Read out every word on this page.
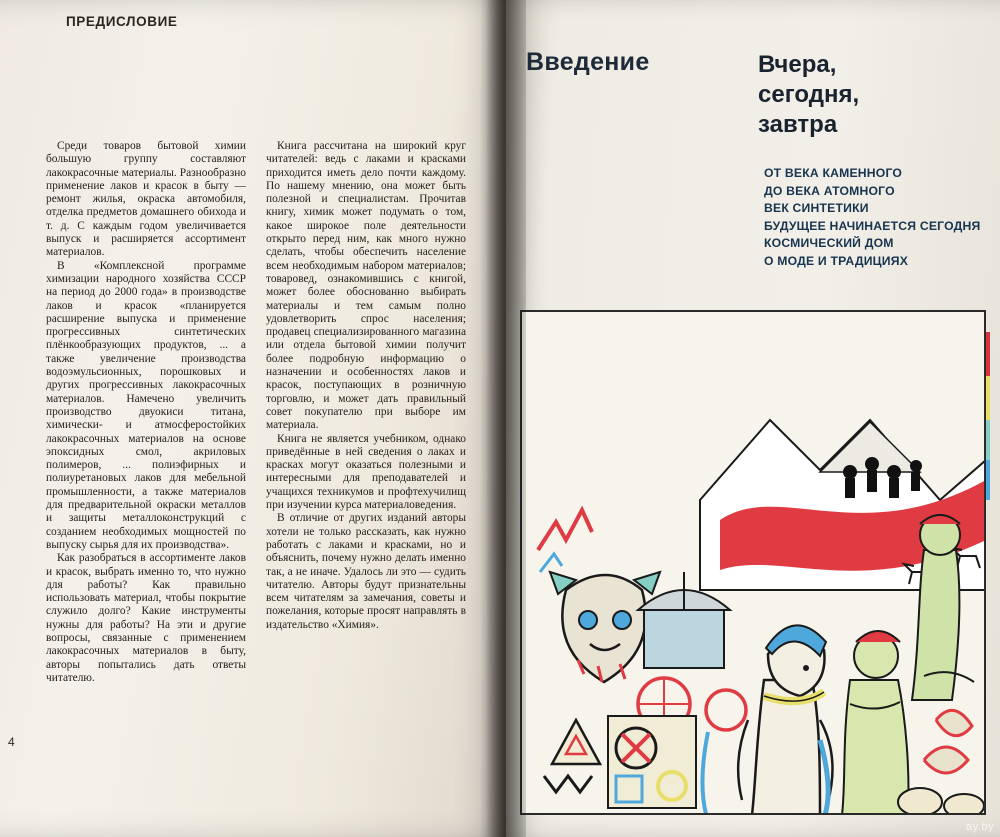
ПРЕДИСЛОВИЕ

Среди товаров бытовой химии большую группу составляют лакокрасочные материалы. Разнообразно применение лаков и красок в быту — ремонт жилья, окраска автомобиля, отделка предметов домашнего обихода и т. д. С каждым годом увеличивается выпуск и расширяется ассортимент материалов.

В «Комплексной программе химизации народного хозяйства СССР на период до 2000 года» в производстве лаков и красок «планируется расширение выпуска и применение прогрессивных синтетических плёнкообразующих продуктов, ... а также увеличение производства водоэмульсионных, порошковых и других прогрессивных лакокрасочных материалов. Намечено увеличить производство двуокиси титана, химически- и атмосферостойких лакокрасочных материалов на основе эпоксидных смол, акриловых полимеров, ... полиэфирных и полиуретановых лаков для мебельной промышленности, а также материалов для предварительной окраски металлов и защиты металлоконструкций с созданием необходимых мощностей по выпуску сырья для их производства».

Как разобраться в ассортименте лаков и красок, выбрать именно то, что нужно для работы? Как правильно использовать материал, чтобы покрытие служило долго? Какие инструменты нужны для работы? На эти и другие вопросы, связанные с применением лакокрасочных материалов в быту, авторы попытались дать ответы читателю.

Книга рассчитана на широкий круг читателей: ведь с лаками и красками приходится иметь дело почти каждому. По нашему мнению, она может быть полезной и специалистам. Прочитав книгу, химик может подумать о том, какое широкое поле деятельности открыто перед ним, как много нужно сделать, чтобы обеспечить население всем необходимым набором материалов; товаровед, ознакомившись с книгой, может более обоснованно выбирать материалы и тем самым полно удовлетворить спрос населения; продавец специализированного магазина или отдела бытовой химии получит более подробную информацию о назначении и особенностях лаков и красок, поступающих в розничную торговлю, и может дать правильный совет покупателю при выборе им материала.

Книга не является учебником, однако приведённые в ней сведения о лаках и красках могут оказаться полезными и интересными для преподавателей и учащихся техникумов и профтехучилищ при изучении курса материаловедения.

В отличие от других изданий авторы хотели не только рассказать, как нужно работать с лаками и красками, но и объяснить, почему нужно делать именно так, а не иначе. Удалось ли это — судить читателю. Авторы будут признательны всем читателям за замечания, советы и пожелания, которые просят направлять в издательство «Химия».

4
Введение	Вчера,
сегодня,
завтра
ОТ ВЕКА КАМЕННОГО
ДО ВЕКА АТОМНОГО
ВЕК СИНТЕТИКИ
БУДУЩЕЕ НАЧИНАЕТСЯ СЕГОДНЯ
КОСМИЧЕСКИЙ ДОМ
О МОДЕ И ТРАДИЦИЯХ
ay.by
